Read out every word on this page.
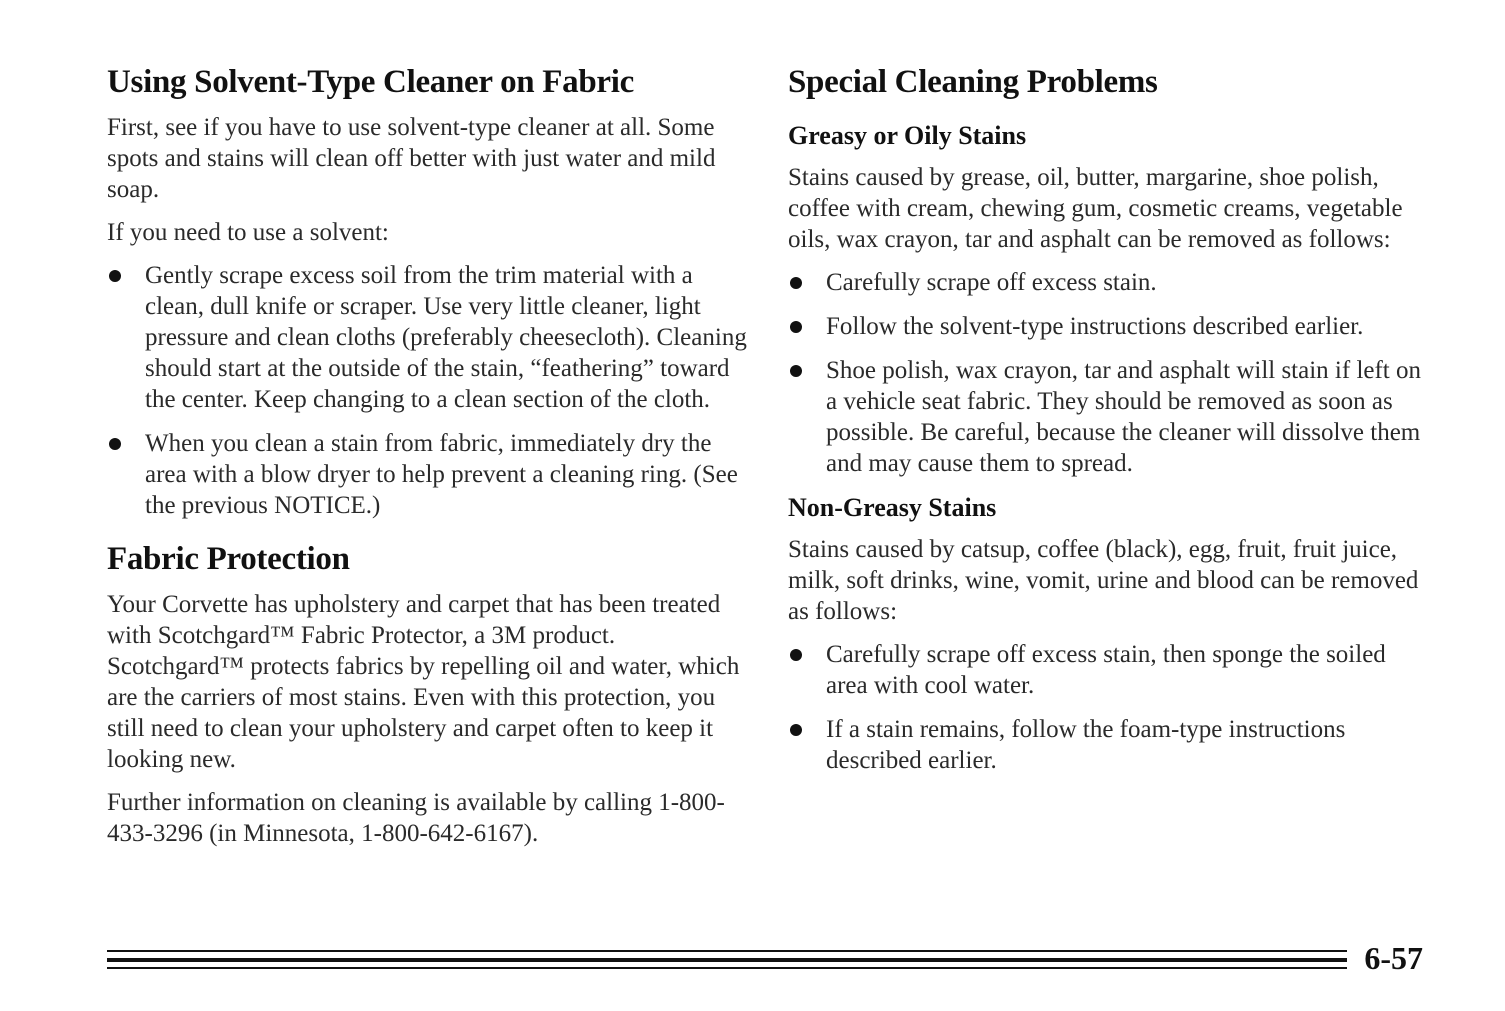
Using Solvent-Type Cleaner on Fabric

First, see if you have to use solvent-type cleaner at all. Some spots and stains will clean off better with just water and mild soap.

If you need to use a solvent:

Gently scrape excess soil from the trim material with a clean, dull knife or scraper. Use very little cleaner, light pressure and clean cloths (preferably cheesecloth). Cleaning should start at the outside of the stain, “feathering” toward the center. Keep changing to a clean section of the cloth.
When you clean a stain from fabric, immediately dry the area with a blow dryer to help prevent a cleaning ring. (See the previous NOTICE.)
Fabric Protection

Your Corvette has upholstery and carpet that has been treated with Scotchgard™ Fabric Protector, a 3M product. Scotchgard™ protects fabrics by repelling oil and water, which are the carriers of most stains. Even with this protection, you still need to clean your upholstery and carpet often to keep it looking new.

Further information on cleaning is available by calling 1-800-433-3296 (in Minnesota, 1-800-642-6167).

Special Cleaning Problems
Greasy or Oily Stains

Stains caused by grease, oil, butter, margarine, shoe polish, coffee with cream, chewing gum, cosmetic creams, vegetable oils, wax crayon, tar and asphalt can be removed as follows:

Carefully scrape off excess stain.
Follow the solvent-type instructions described earlier.
Shoe polish, wax crayon, tar and asphalt will stain if left on a vehicle seat fabric. They should be removed as soon as possible. Be careful, because the cleaner will dissolve them and may cause them to spread.
Non-Greasy Stains

Stains caused by catsup, coffee (black), egg, fruit, fruit juice, milk, soft drinks, wine, vomit, urine and blood can be removed as follows:

Carefully scrape off excess stain, then sponge the soiled area with cool water.
If a stain remains, follow the foam-type instructions described earlier.
6-57
